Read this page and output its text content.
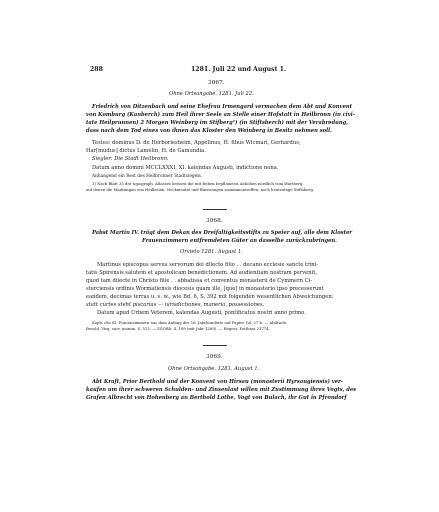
288	1281. Juli 22 und August 1.

3067.

Ohne Ortsangabe. 1281. Juli 22.

Friedrich von Ditzenbach und seine Ehefrau Irmengard vermachen dem Abt und Konvent

von Komburg (Kanberch) zum Heil ihrer Seele an Stelle einer Hofstatt in Heilbronn (in civi-

tate Heilprunnen) 2 Morgen Weinberg im Stifberg¹) (in Stiftsberch) mit der Verabredung,

dass nach dem Tod eines von ihnen das Kloster den Weinberg in Besitz nehmen soll.

Testes: dominus D. de Herboriesheim, Appelinus, H. filius Wicmari, Gerhardus,

Har[mudus] dictus Lamelin, H. de Gamundia.

Siegler: Die Stadt Heilbronn.

Datum anno domini MCCLXXXI, XI. kalendas Augusti, indictione nona.

Anhangend ein Rest des Heilbronner Stadtsiegels.

1) Nach Blatt 35 der topograph. Atlasses heissen die mit Reben bepflanzten Anhöhen nördlich vom Wartberg,

auf denen die Markungen von Heilbronn, Neckarsulm und Binswangen zusammentreffen, noch heutzutage Stiftsberg.

3068.

Pabst Martin IV. trägt dem Dekan des Dreifaltigkeitsstifts zu Speier auf, alle dem Kloster

Frauenzimmern entfremdeten Güter an dasselbe zurückzubringen.

Orvieto 1281. August 1.

Martinus episcopus servus servorum dei dilecto filio . . decano ecclesie sancte trini-

tatis Spirensis salutem et apostolicam benedictionem. Ad audientiam nostram pervenit,

quod tam dilecte in Christo filie . . abbatissa et conventus monasterii de Cymmern Ci-

sterciensis ordinis Wormatiensis diocesis quam ille, [que] in monasterio ipso precesserunt

eandem, decimas terras u. s. w., wie Bd. 6, S. 392 mit folgenden wesentlichen Abweichungen:

statt curtes steht piscarias — iurisdictiones, maneria, possessiones.

Datum apud Urbem Veterem, kalendas Augusti, pontificatus nostri anno primo.

Kopb. des Kl. Frauenzimmern aus dem Anfang des 16. Jahrhunderts auf Papier, fol. 27 b. — Abdruck:

Besold, Virg. sacr. monim. S. 513. — ZGORh. 4, 189 (mit Jahr 1280). — Regest: Potthast 21774.

3069.

Ohne Ortsangabe. 1281. August 1.

Abt Kraft, Prior Berthold und der Konvent von Hirsau (monasterii Hyrsaugiensis) ver-

kaufen um ihrer schweren Schulden- und Zinsenlast willen mit Zustimmung ihres Vogts, des

Grafen Albrecht von Hohenberg an Berthold Lothe, Vogt von Bulach, ihr Gut in Pfrondorf
